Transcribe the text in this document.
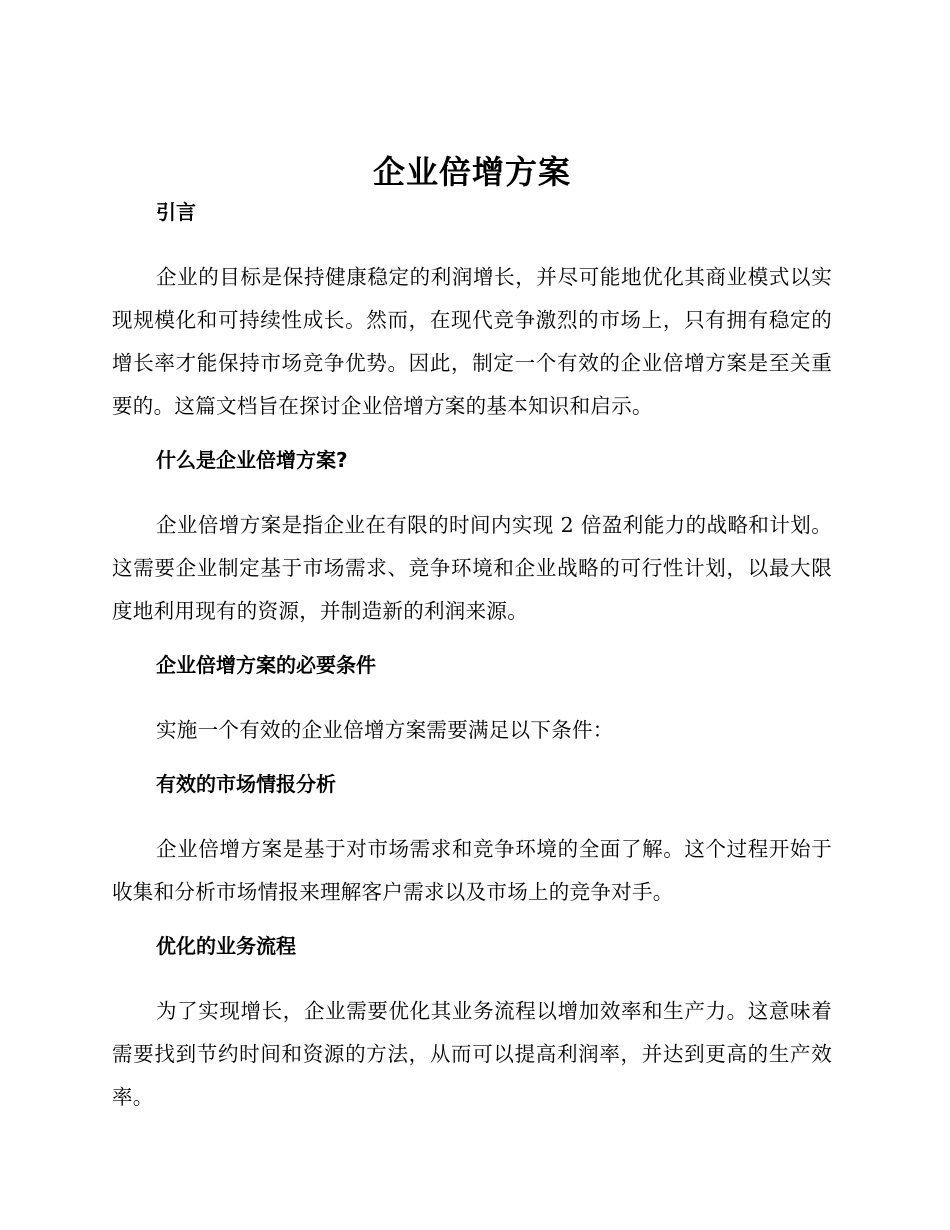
企业倍增方案
引言

企业的目标是保持健康稳定的利润增长，并尽可能地优化其商业模式以实现规模化和可持续性成长。然而，在现代竞争激烈的市场上，只有拥有稳定的增长率才能保持市场竞争优势。因此，制定一个有效的企业倍增方案是至关重要的。这篇文档旨在探讨企业倍增方案的基本知识和启示。

什么是企业倍增方案?

企业倍增方案是指企业在有限的时间内实现 2 倍盈利能力的战略和计划。这需要企业制定基于市场需求、竞争环境和企业战略的可行性计划，以最大限度地利用现有的资源，并制造新的利润来源。

企业倍增方案的必要条件

实施一个有效的企业倍增方案需要满足以下条件：

有效的市场情报分析

企业倍增方案是基于对市场需求和竞争环境的全面了解。这个过程开始于收集和分析市场情报来理解客户需求以及市场上的竞争对手。

优化的业务流程

为了实现增长，企业需要优化其业务流程以增加效率和生产力。这意味着需要找到节约时间和资源的方法，从而可以提高利润率，并达到更高的生产效率。
